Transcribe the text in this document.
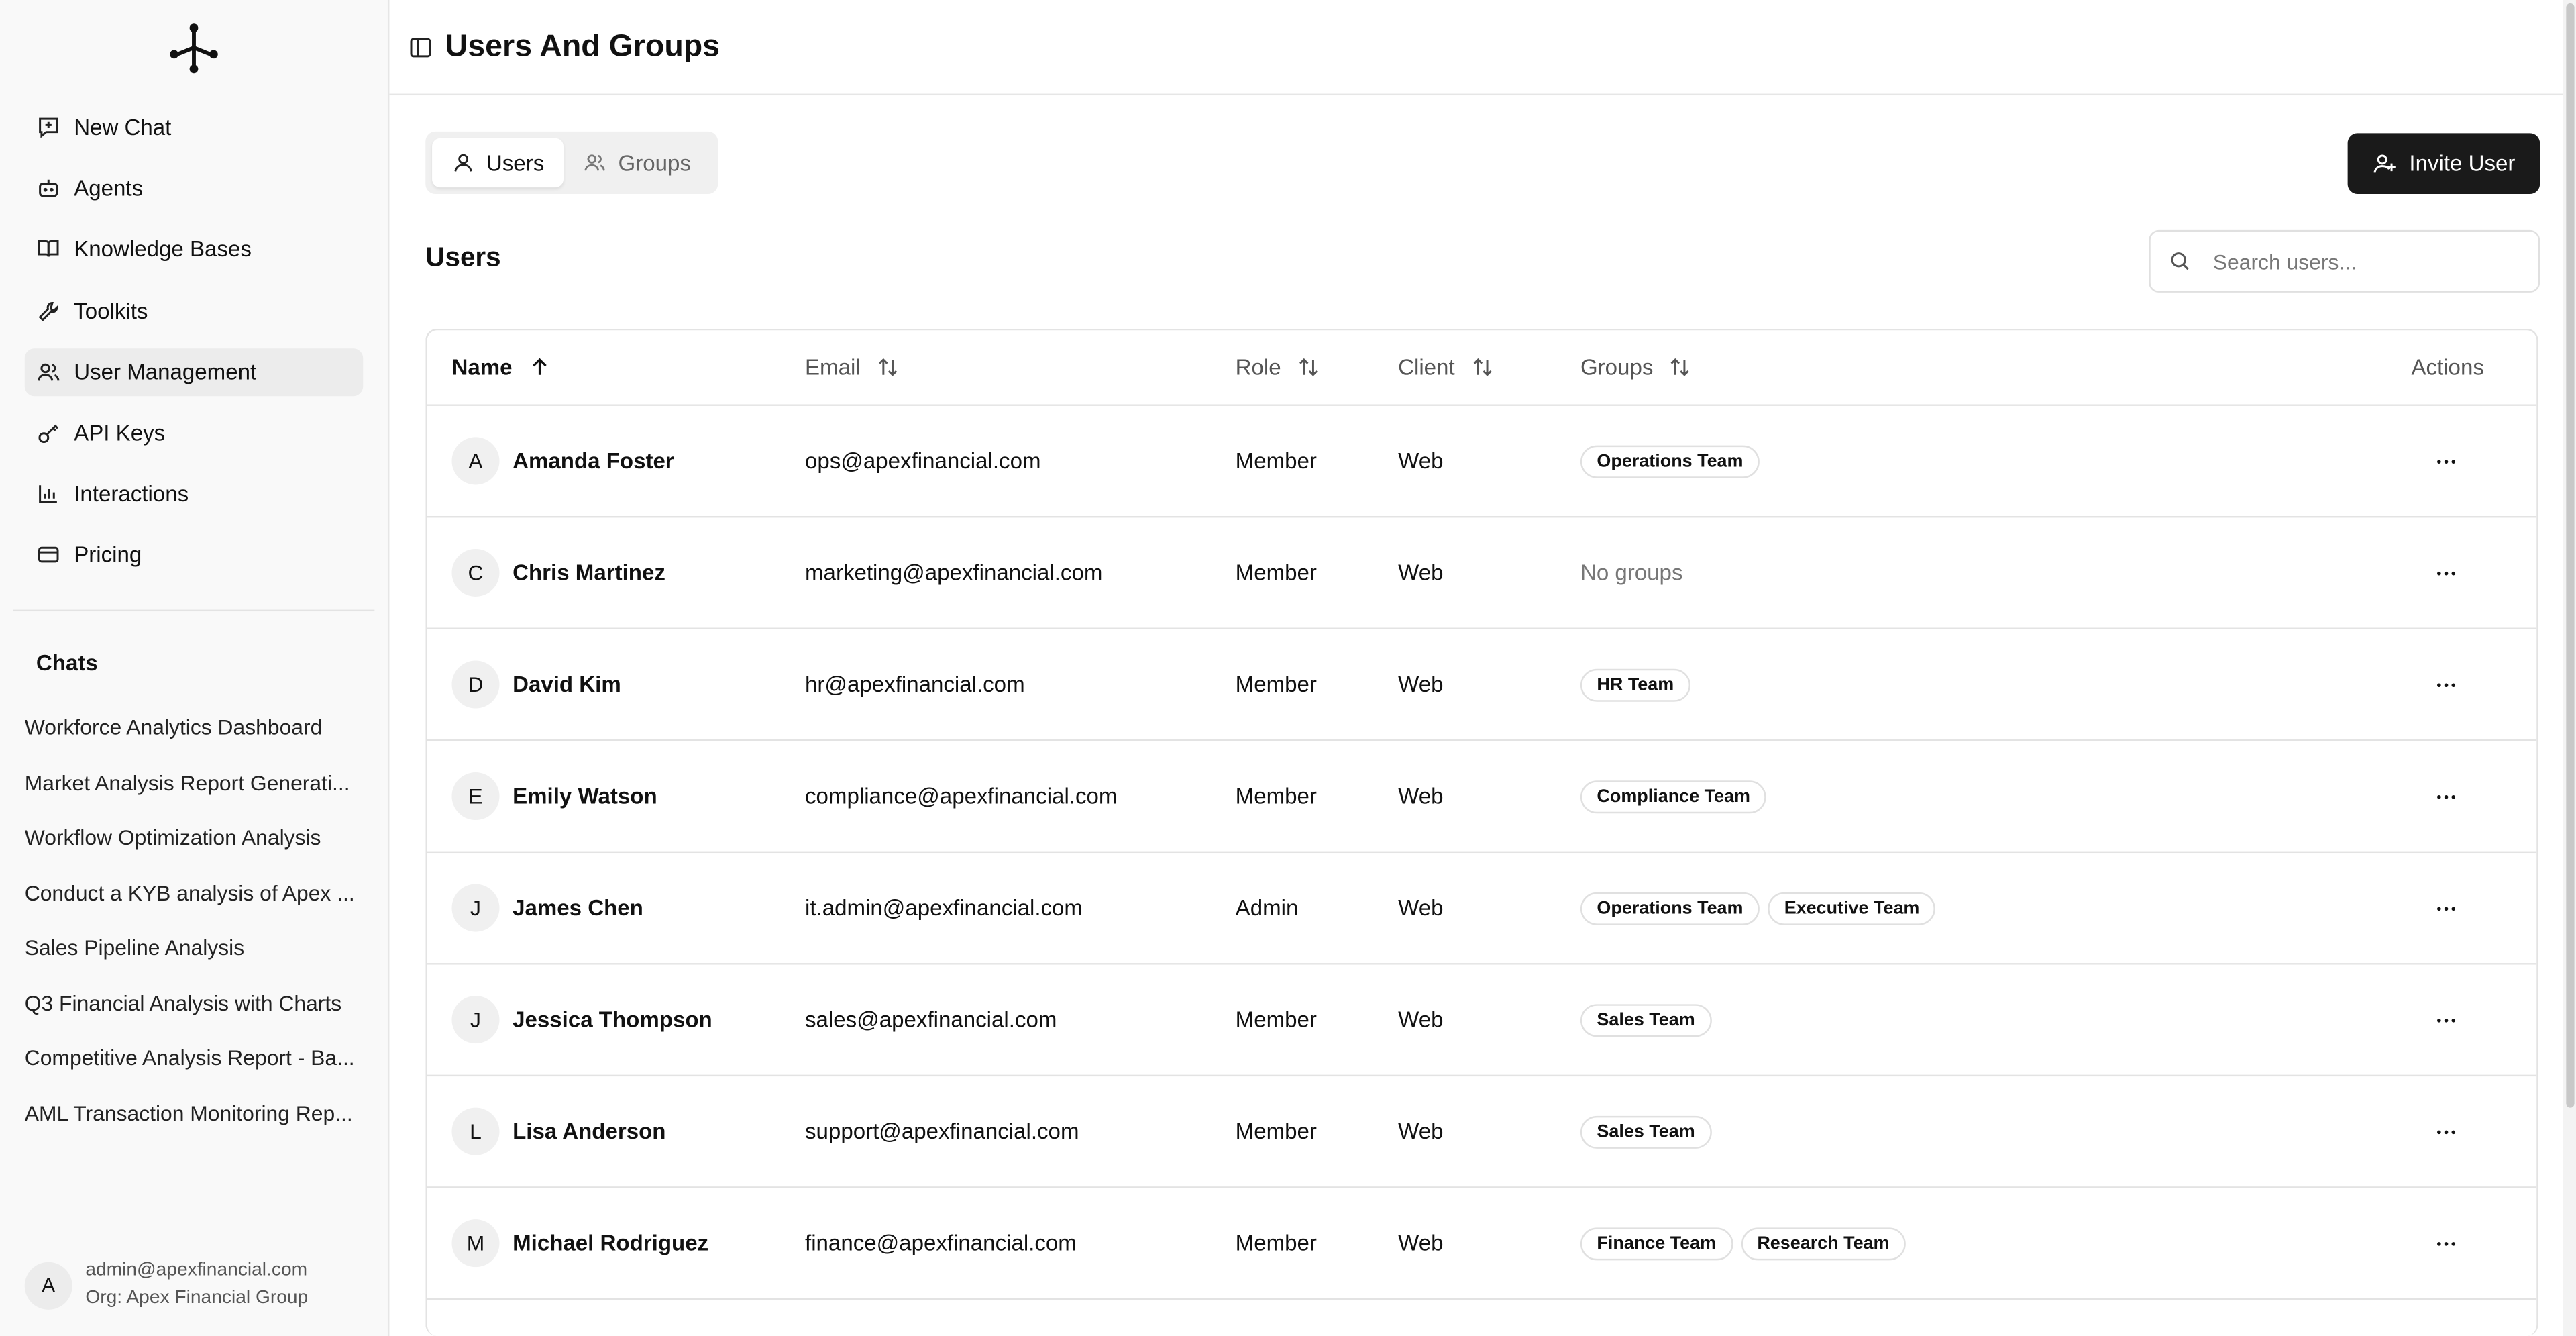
New Chat
Agents
Knowledge Bases
Toolkits
User Management
API Keys
Interactions
Pricing
Chats
Workforce Analytics Dashboard
Market Analysis Report Generati...
Workflow Optimization Analysis
Conduct a KYB analysis of Apex ...
Sales Pipeline Analysis
Q3 Financial Analysis with Charts
Competitive Analysis Report - Ba...
AML Transaction Monitoring Rep...
A
admin@apexfinancial.com
Org: Apex Financial Group
Users And Groups
Users	Groups	Invite User
Users
Search users...
Name	Email	Role	Client	Groups	Actions
A	Amanda Foster	ops@apexfinancial.com	Member	Web	Operations Team
C	Chris Martinez	marketing@apexfinancial.com	Member	Web	No groups
D	David Kim	hr@apexfinancial.com	Member	Web	HR Team
E	Emily Watson	compliance@apexfinancial.com	Member	Web	Compliance Team
J	James Chen	it.admin@apexfinancial.com	Admin	Web	Operations Team	Executive Team
J	Jessica Thompson	sales@apexfinancial.com	Member	Web	Sales Team
L	Lisa Anderson	support@apexfinancial.com	Member	Web	Sales Team
M	Michael Rodriguez	finance@apexfinancial.com	Member	Web	Finance Team	Research Team
